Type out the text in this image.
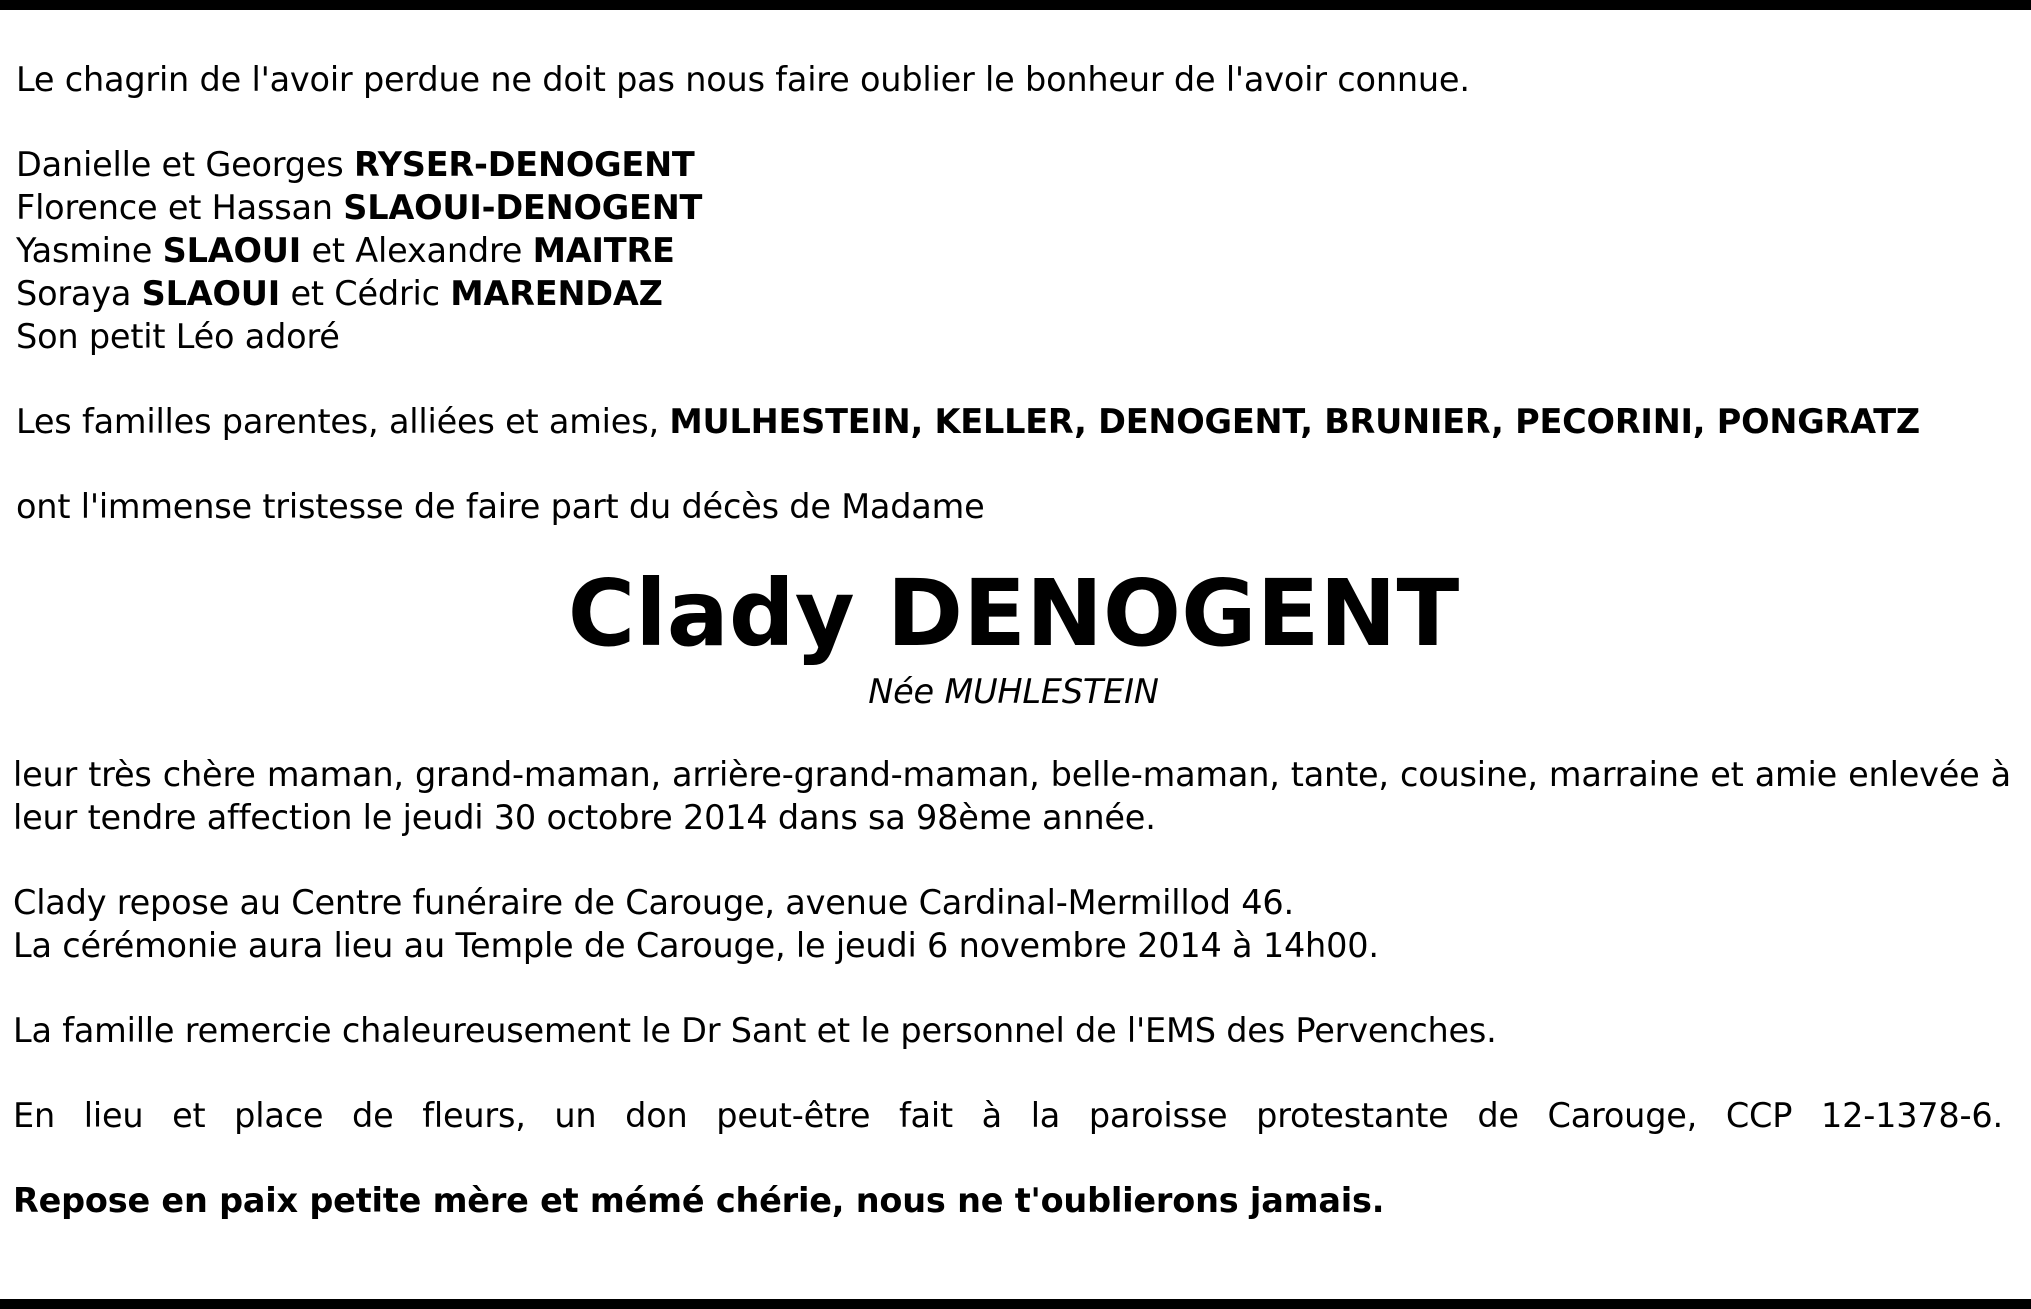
Le chagrin de l'avoir perdue ne doit pas nous faire oublier le bonheur de l'avoir connue.

Danielle et Georges RYSER-DENOGENT

Florence et Hassan SLAOUI-DENOGENT

Yasmine SLAOUI et Alexandre MAITRE

Soraya SLAOUI et Cédric MARENDAZ

Son petit Léo adoré

Les familles parentes, alliées et amies, MULHESTEIN, KELLER, DENOGENT, BRUNIER, PECORINI, PONGRATZ

ont l'immense tristesse de faire part du décès de Madame

Clady DENOGENT

Née MUHLESTEIN

leur très chère maman, grand-maman, arrière-grand-maman, belle-maman, tante, cousine, marraine et amie enlevée à leur tendre affection le jeudi 30 octobre 2014 dans sa 98ème année.

Clady repose au Centre funéraire de Carouge, avenue Cardinal-Mermillod 46.

La cérémonie aura lieu au Temple de Carouge, le jeudi 6 novembre 2014 à 14h00.

La famille remercie chaleureusement le Dr Sant et le personnel de l'EMS des Pervenches.

En lieu et place de fleurs, un don peut-être fait à la paroisse protestante de Carouge, CCP 12-1378-6.

Repose en paix petite mère et mémé chérie, nous ne t'oublierons jamais.
